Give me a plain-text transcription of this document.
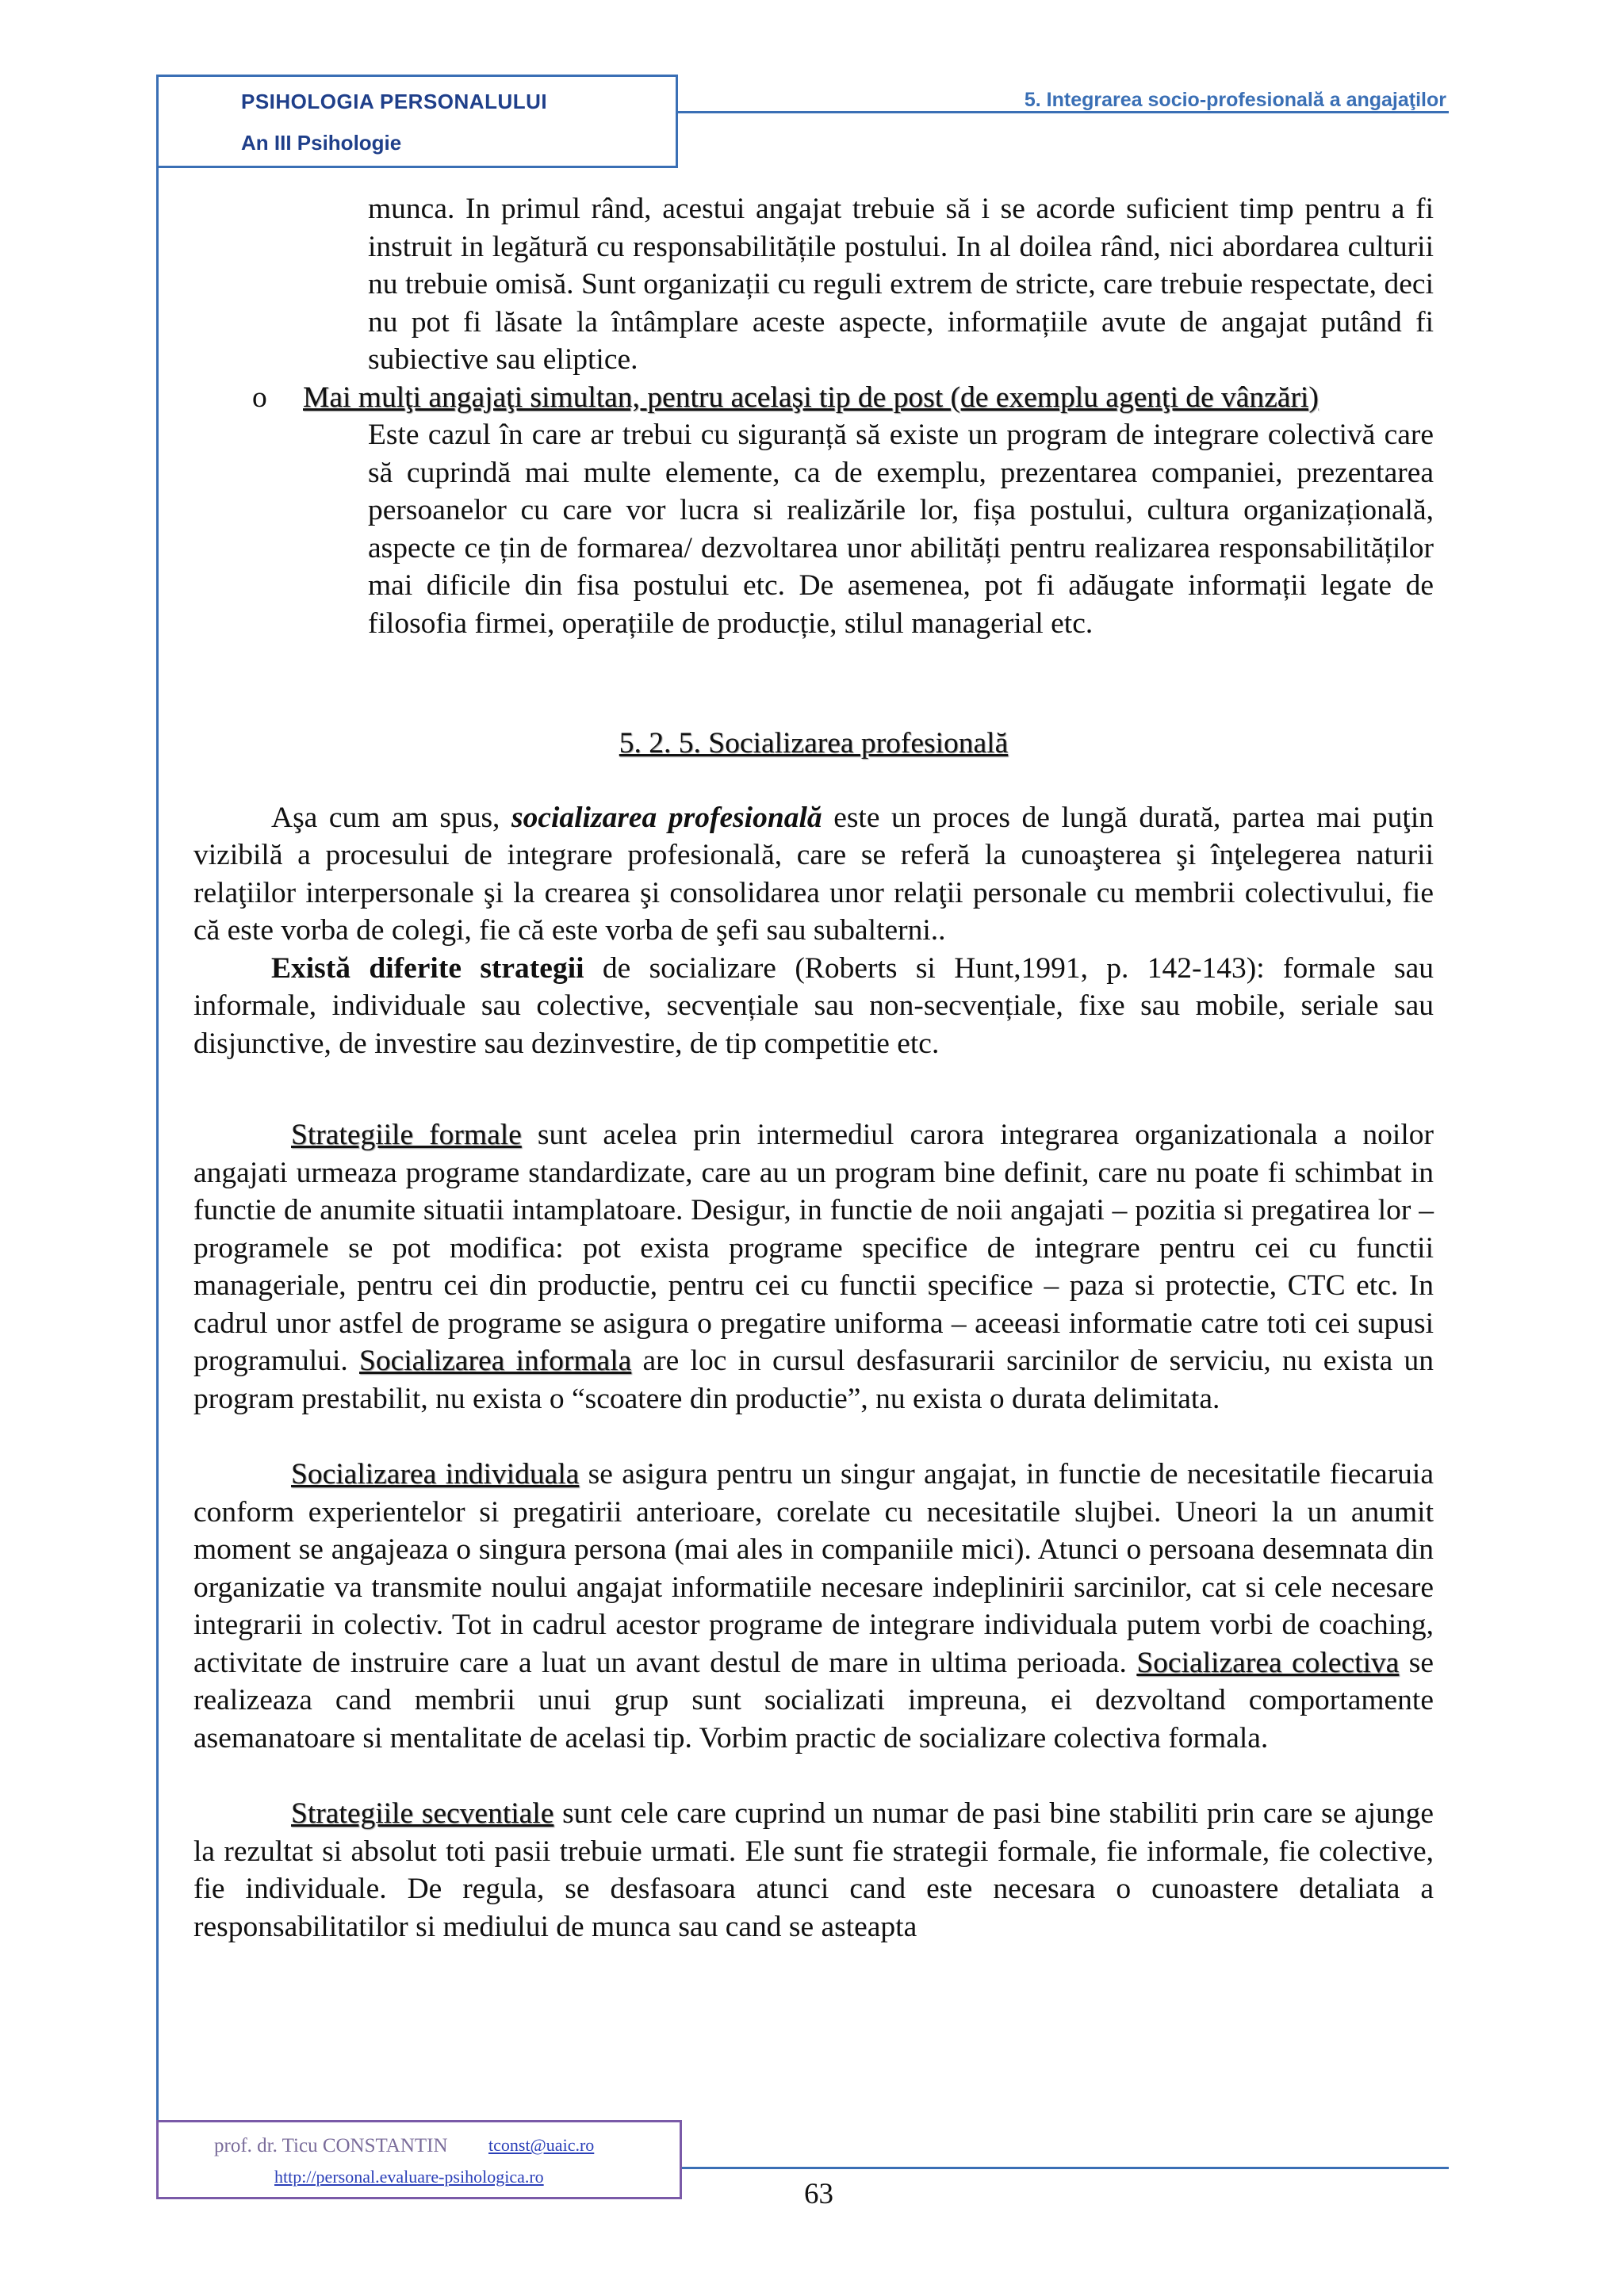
PSIHOLOGIA PERSONALULUI
An III Psihologie
5. Integrarea socio-profesională a angajaţilor

munca. In primul rând, acestui angajat trebuie să i se acorde suficient timp pentru a fi instruit in legătură cu responsabilitățile postului. In al doilea rând, nici abordarea culturii nu trebuie omisă. Sunt organizații cu reguli extrem de stricte, care trebuie respectate, deci nu pot fi lăsate la întâmplare aceste aspecte, informațiile avute de angajat putând fi subiective sau eliptice.

o Mai mulţi angajaţi simultan, pentru acelaşi tip de post (de exemplu agenţi de vânzări)

Este cazul în care ar trebui cu siguranță să existe un program de integrare colectivă care să cuprindă mai multe elemente, ca de exemplu, prezentarea companiei, prezentarea persoanelor cu care vor lucra si realizările lor, fișa postului, cultura organizațională, aspecte ce țin de formarea/ dezvoltarea unor abilități pentru realizarea responsabilităților mai dificile din fisa postului etc. De asemenea, pot fi adăugate informații legate de filosofia firmei, operațiile de producție, stilul managerial etc.

5. 2. 5. Socializarea profesională

Aşa cum am spus, socializarea profesională este un proces de lungă durată, partea mai puţin vizibilă a procesului de integrare profesională, care se referă la cunoaşterea şi înţelegerea naturii relaţiilor interpersonale şi la crearea şi consolidarea unor relaţii personale cu membrii colectivului, fie că este vorba de colegi, fie că este vorba de şefi sau subalterni..

Există diferite strategii de socializare (Roberts si Hunt,1991, p. 142-143): formale sau informale, individuale sau colective, secvențiale sau non-secvențiale, fixe sau mobile, seriale sau disjunctive, de investire sau dezinvestire, de tip competitie etc.

Strategiile formale sunt acelea prin intermediul carora integrarea organizationala a noilor angajati urmeaza programe standardizate, care au un program bine definit, care nu poate fi schimbat in functie de anumite situatii intamplatoare. Desigur, in functie de noii angajati – pozitia si pregatirea lor – programele se pot modifica: pot exista programe specifice de integrare pentru cei cu functii manageriale, pentru cei din productie, pentru cei cu functii specifice – paza si protectie, CTC etc. In cadrul unor astfel de programe se asigura o pregatire uniforma – aceeasi informatie catre toti cei supusi programului. Socializarea informala are loc in cursul desfasurarii sarcinilor de serviciu, nu exista un program prestabilit, nu exista o “scoatere din productie”, nu exista o durata delimitata.

Socializarea individuala se asigura pentru un singur angajat, in functie de necesitatile fiecaruia conform experientelor si pregatirii anterioare, corelate cu necesitatile slujbei. Uneori la un anumit moment se angajeaza o singura persona (mai ales in companiile mici). Atunci o persoana desemnata din organizatie va transmite noului angajat informatiile necesare indeplinirii sarcinilor, cat si cele necesare integrarii in colectiv. Tot in cadrul acestor programe de integrare individuala putem vorbi de coaching, activitate de instruire care a luat un avant destul de mare in ultima perioada. Socializarea colectiva se realizeaza cand membrii unui grup sunt socializati impreuna, ei dezvoltand comportamente asemanatoare si mentalitate de acelasi tip. Vorbim practic de socializare colectiva formala.

Strategiile secventiale sunt cele care cuprind un numar de pasi bine stabiliti prin care se ajunge la rezultat si absolut toti pasii trebuie urmati. Ele sunt fie strategii formale, fie informale, fie colective, fie individuale. De regula, se desfasoara atunci cand este necesara o cunoastere detaliata a responsabilitatilor si mediului de munca sau cand se asteapta

prof. dr. Ticu CONSTANTIN tconst@uaic.ro
http://personal.evaluare-psihologica.ro
63
